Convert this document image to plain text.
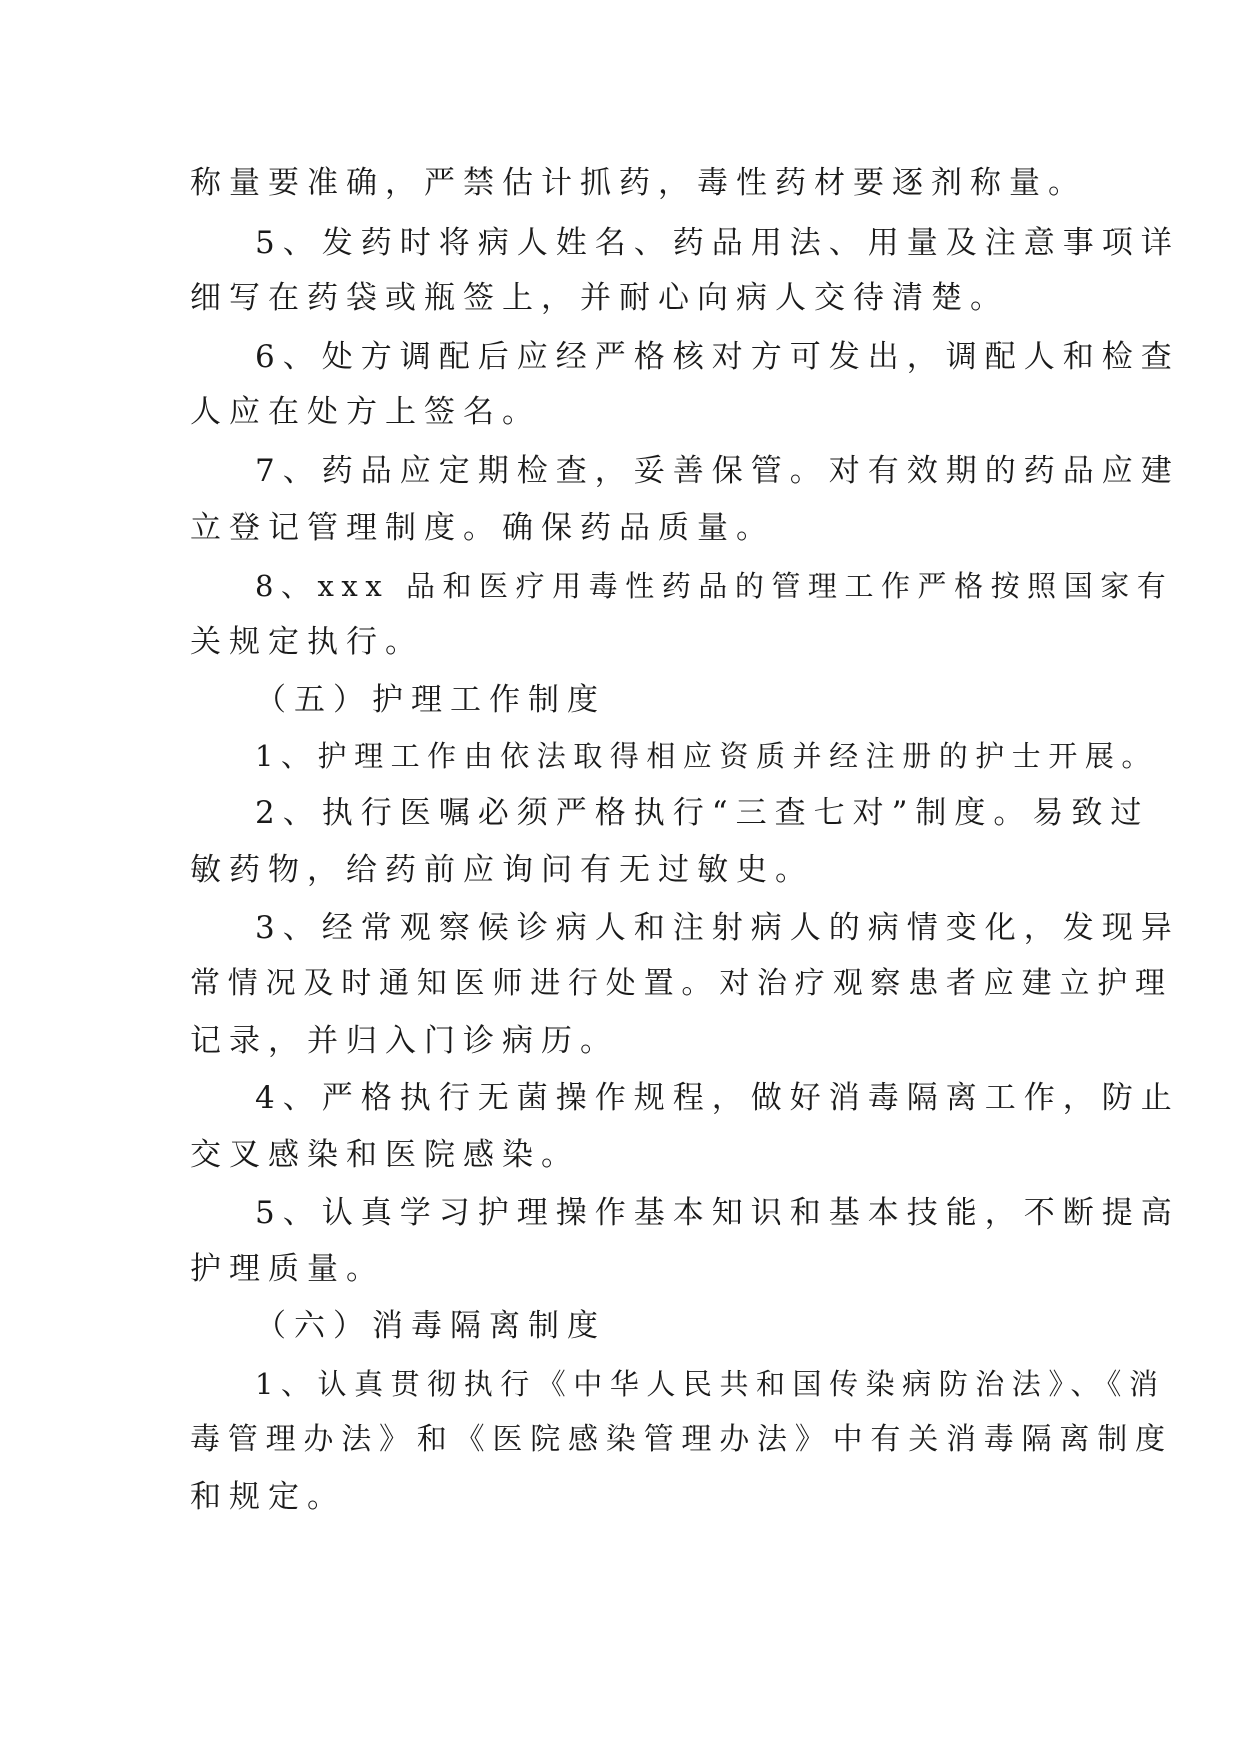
称量要准确，严禁估计抓药，毒性药材要逐剂称量。
5、发药时将病人姓名、药品用法、用量及注意事项详
细写在药袋或瓶签上，并耐心向病人交待清楚。
6、处方调配后应经严格核对方可发出，调配人和检查
人应在处方上签名。
7、药品应定期检查，妥善保管。对有效期的药品应建
立登记管理制度。确保药品质量。
8、xxx 品和医疗用毒性药品的管理工作严格按照国家有
关规定执行。
（五）护理工作制度
1、护理工作由依法取得相应资质并经注册的护士开展。
2、执行医嘱必须严格执行“三查七对”制度。易致过
敏药物，给药前应询问有无过敏史。
3、经常观察候诊病人和注射病人的病情变化，发现异
常情况及时通知医师进行处置。对治疗观察患者应建立护理
记录，并归入门诊病历。
4、严格执行无菌操作规程，做好消毒隔离工作，防止
交叉感染和医院感染。
5、认真学习护理操作基本知识和基本技能，不断提高
护理质量。
（六）消毒隔离制度
1、认真贯彻执行《中华人民共和国传染病防治法》、《消
毒管理办法》和《医院感染管理办法》中有关消毒隔离制度
和规定。
